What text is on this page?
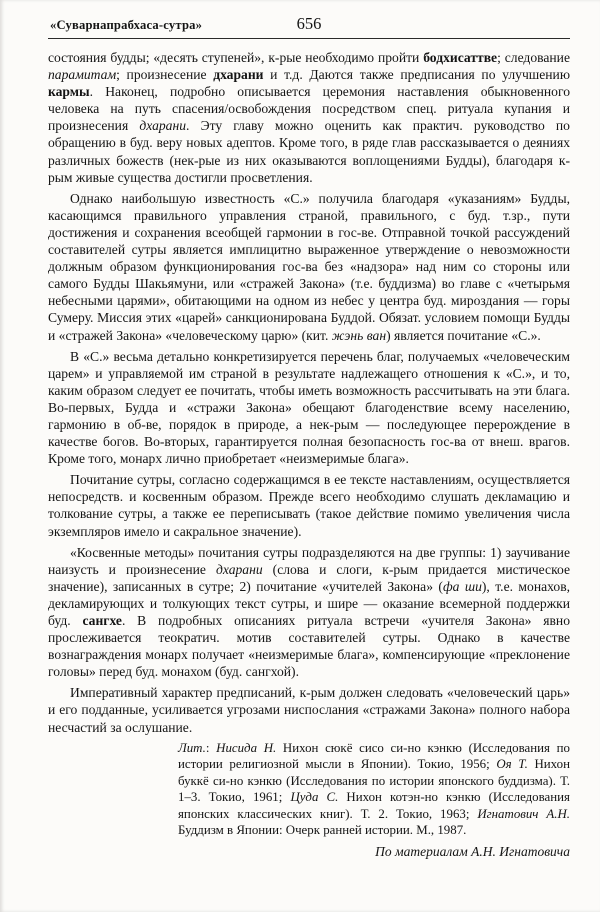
«Суварнапрабхаса-сутра»	656

состояния будды; «десять ступеней», к-рые необходимо пройти бодхисаттве; следование парамитам; произнесение дхарани и т.д. Даются также предписания по улучшению кармы. Наконец, подробно описывается церемония наставления обыкновенного человека на путь спасения/освобождения посредством спец. ритуала купания и произнесения дхарани. Эту главу можно оценить как практич. руководство по обращению в буд. веру новых адептов. Кроме того, в ряде глав рассказывается о деяниях различных божеств (нек-рые из них оказываются воплощениями Будды), благодаря к-рым живые существа достигли просветления.

Однако наибольшую известность «С.» получила благодаря «указаниям» Будды, касающимся правильного управления страной, правильного, с буд. т.зр., пути достижения и сохранения всеобщей гармонии в гос-ве. Отправной точкой рассуждений составителей сутры является имплицитно выраженное утверждение о невозможности должным образом функционирования гос-ва без «надзора» над ним со стороны или самого Будды Шакьямуни, или «стражей Закона» (т.е. буддизма) во главе с «четырьмя небесными царями», обитающими на одном из небес у центра буд. мироздания — горы Сумеру. Миссия этих «царей» санкционирована Буддой. Обязат. условием помощи Будды и «стражей Закона» «человеческому царю» (кит. жэнь ван) является почитание «С.».

В «С.» весьма детально конкретизируется перечень благ, получаемых «человеческим царем» и управляемой им страной в результате надлежащего отношения к «С.», и то, каким образом следует ее почитать, чтобы иметь возможность рассчитывать на эти блага. Во-первых, Будда и «стражи Закона» обещают благоденствие всему населению, гармонию в об-ве, порядок в природе, а нек-рым — последующее перерождение в качестве богов. Во-вторых, гарантируется полная безопасность гос-ва от внеш. врагов. Кроме того, монарх лично приобретает «неизмеримые блага».

Почитание сутры, согласно содержащимся в ее тексте наставлениям, осуществляется непосредств. и косвенным образом. Прежде всего необходимо слушать декламацию и толкование сутры, а также ее переписывать (такое действие помимо увеличения числа экземпляров имело и сакральное значение).

«Косвенные методы» почитания сутры подразделяются на две группы: 1) заучивание наизусть и произнесение дхарани (слова и слоги, к-рым придается мистическое значение), записанных в сутре; 2) почитание «учителей Закона» (фа ши), т.е. монахов, декламирующих и толкующих текст сутры, и шире — оказание всемерной поддержки буд. сангхе. В подробных описаниях ритуала встречи «учителя Закона» явно прослеживается теократич. мотив составителей сутры. Однако в качестве вознаграждения монарх получает «неизмеримые блага», компенсирующие «преклонение головы» перед буд. монахом (буд. сангхой).

Императивный характер предписаний, к-рым должен следовать «человеческий царь» и его подданные, усиливается угрозами ниспослания «стражами Закона» полного набора несчастий за ослушание.

Лит.: Нисида Н. Нихон сюкё сисо си-но кэнкю (Исследования по истории религиозной мысли в Японии). Токио, 1956; Оя Т. Нихон буккё си-но кэнкю (Исследования по истории японского буддизма). Т. 1–3. Токио, 1961; Цуда С. Нихон котэн-но кэнкю (Исследования японских классических книг). Т. 2. Токио, 1963; Игнатович А.Н. Буддизм в Японии: Очерк ранней истории. М., 1987.

По материалам А.Н. Игнатовича
